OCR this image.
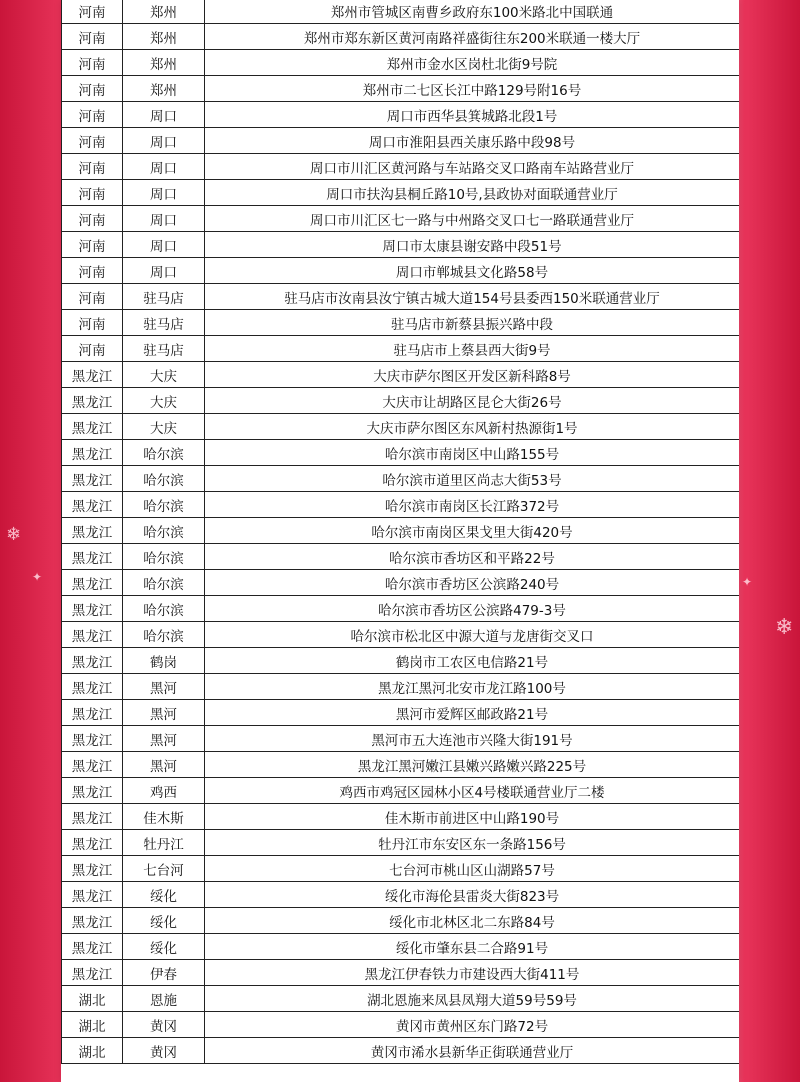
❄
✦
❄
✦
河南	郑州	郑州市管城区南曹乡政府东100米路北中国联通
河南	郑州	郑州市郑东新区黄河南路祥盛街往东200米联通一楼大厅
河南	郑州	郑州市金水区岗杜北街9号院
河南	郑州	郑州市二七区长江中路129号附16号
河南	周口	周口市西华县箕城路北段1号
河南	周口	周口市淮阳县西关康乐路中段98号
河南	周口	周口市川汇区黄河路与车站路交叉口路南车站路营业厅
河南	周口	周口市扶沟县桐丘路10号,县政协对面联通营业厅
河南	周口	周口市川汇区七一路与中州路交叉口七一路联通营业厅
河南	周口	周口市太康县谢安路中段51号
河南	周口	周口市郸城县文化路58号
河南	驻马店	驻马店市汝南县汝宁镇古城大道154号县委西150米联通营业厅
河南	驻马店	驻马店市新蔡县振兴路中段
河南	驻马店	驻马店市上蔡县西大街9号
黑龙江	大庆	大庆市萨尔图区开发区新科路8号
黑龙江	大庆	大庆市让胡路区昆仑大街26号
黑龙江	大庆	大庆市萨尔图区东风新村热源街1号
黑龙江	哈尔滨	哈尔滨市南岗区中山路155号
黑龙江	哈尔滨	哈尔滨市道里区尚志大街53号
黑龙江	哈尔滨	哈尔滨市南岗区长江路372号
黑龙江	哈尔滨	哈尔滨市南岗区果戈里大街420号
黑龙江	哈尔滨	哈尔滨市香坊区和平路22号
黑龙江	哈尔滨	哈尔滨市香坊区公滨路240号
黑龙江	哈尔滨	哈尔滨市香坊区公滨路479-3号
黑龙江	哈尔滨	哈尔滨市松北区中源大道与龙唐街交叉口
黑龙江	鹤岗	鹤岗市工农区电信路21号
黑龙江	黑河	黑龙江黑河北安市龙江路100号
黑龙江	黑河	黑河市爱辉区邮政路21号
黑龙江	黑河	黑河市五大连池市兴隆大街191号
黑龙江	黑河	黑龙江黑河嫩江县嫩兴路嫩兴路225号
黑龙江	鸡西	鸡西市鸡冠区园林小区4号楼联通营业厅二楼
黑龙江	佳木斯	佳木斯市前进区中山路190号
黑龙江	牡丹江	牡丹江市东安区东一条路156号
黑龙江	七台河	七台河市桃山区山湖路57号
黑龙江	绥化	绥化市海伦县雷炎大街823号
黑龙江	绥化	绥化市北林区北二东路84号
黑龙江	绥化	绥化市肇东县二合路91号
黑龙江	伊春	黑龙江伊春铁力市建设西大街411号
湖北	恩施	湖北恩施来凤县凤翔大道59号59号
湖北	黄冈	黄冈市黄州区东门路72号
湖北	黄冈	黄冈市浠水县新华正街联通营业厅
